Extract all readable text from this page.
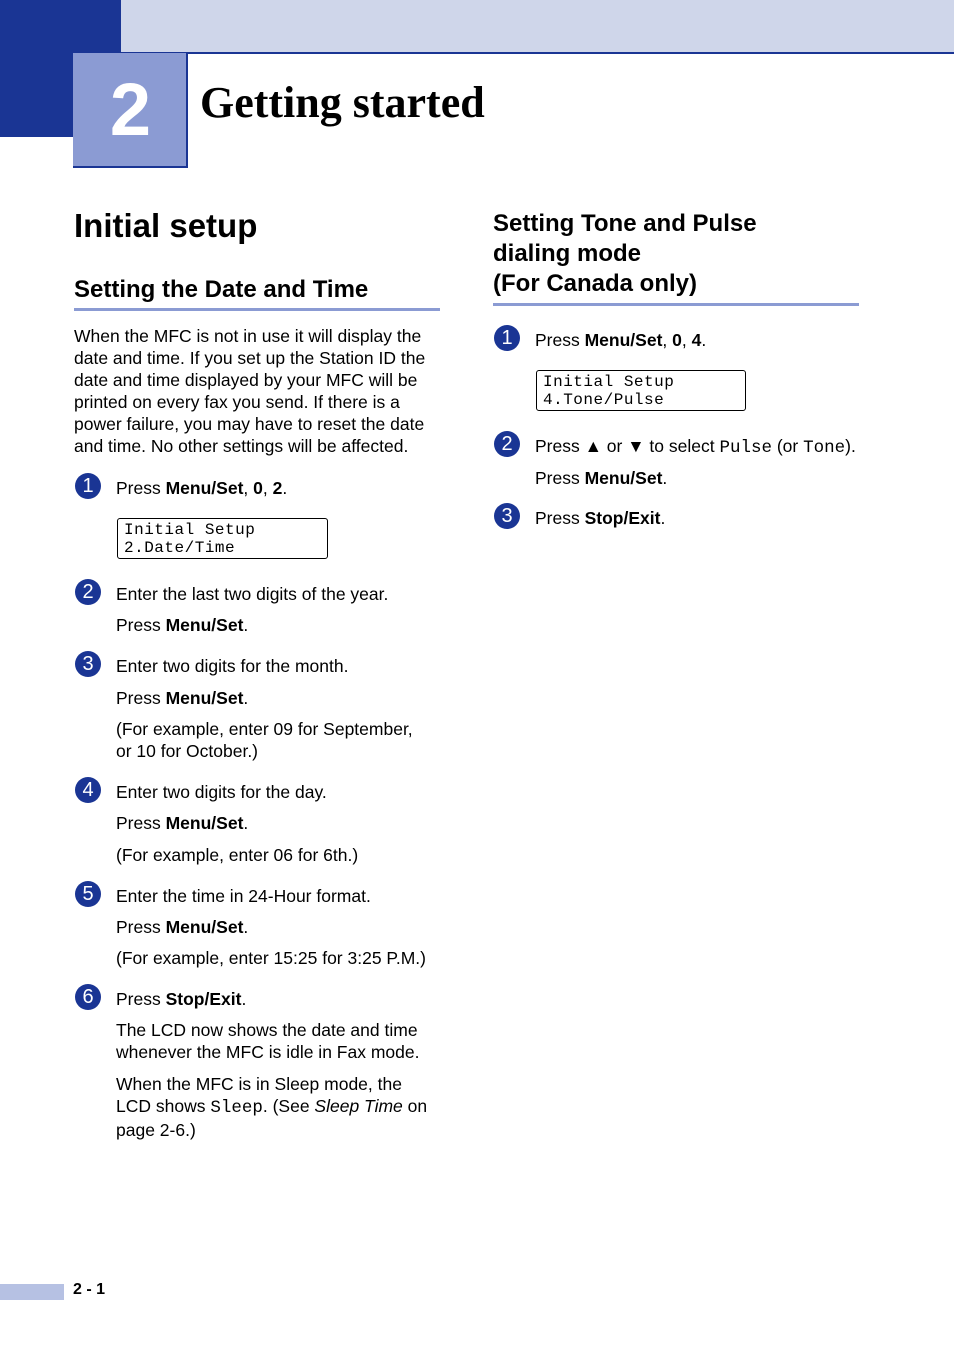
2	Getting started
Initial setup
Setting the Date and Time
When the MFC is not in use it will display the
date and time. If you set up the Station ID the
date and time displayed by your MFC will be
printed on every fax you send. If there is a
power failure, you may have to reset the date
and time. No other settings will be affected.
1	Press Menu/Set, 0, 2.
Initial Setup
2.Date/Time
2	Enter the last two digits of the year.
Press Menu/Set.
3	Enter two digits for the month.
Press Menu/Set.
(For example, enter 09 for September,
or 10 for October.)
4	Enter two digits for the day.
Press Menu/Set.
(For example, enter 06 for 6th.)
5	Enter the time in 24-Hour format.
Press Menu/Set.
(For example, enter 15:25 for 3:25 P.M.)
6	Press Stop/Exit.
The LCD now shows the date and time
whenever the MFC is idle in Fax mode.
When the MFC is in Sleep mode, the
LCD shows Sleep. (See Sleep Time on
page 2-6.)
Setting Tone and Pulse
dialing mode
(For Canada only)
1	Press Menu/Set, 0, 4.
Initial Setup
4.Tone/Pulse
2	Press ▲ or ▼ to select Pulse (or Tone).
Press Menu/Set.
3	Press Stop/Exit.
2 - 1
